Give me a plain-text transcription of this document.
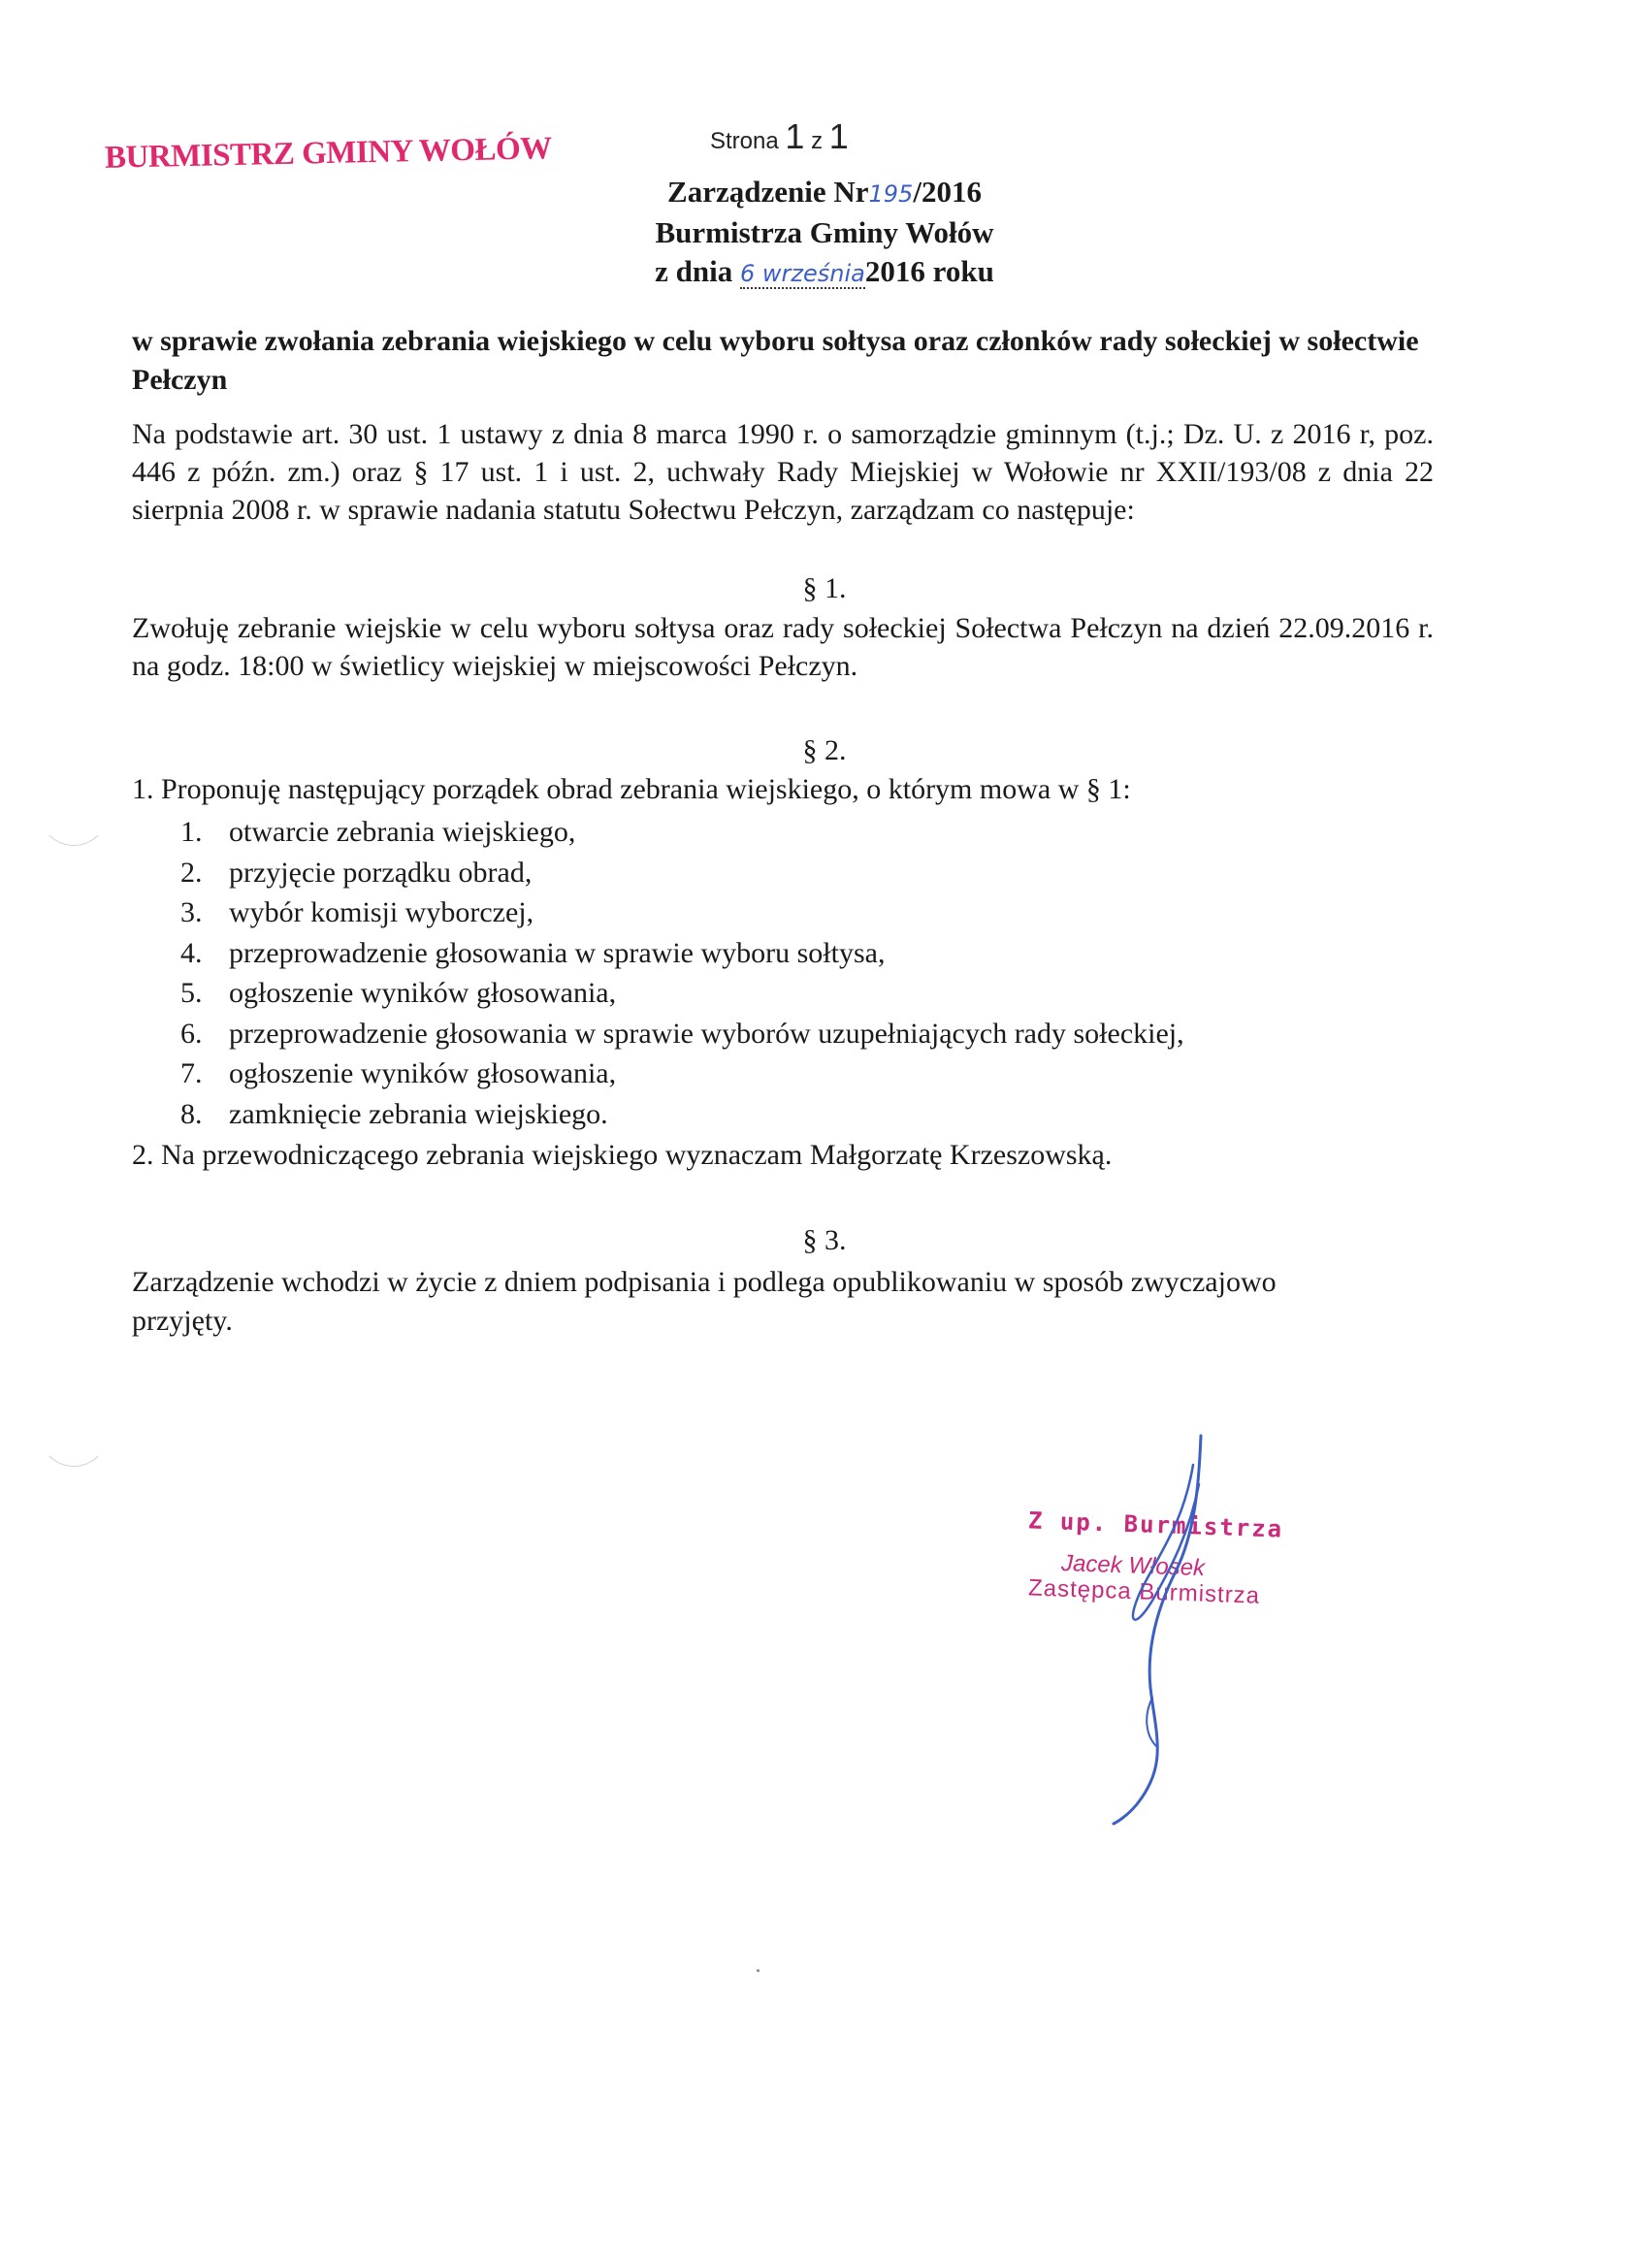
BURMISTRZ GMINY WOŁÓW	Strona 1 z 1
Zarządzenie Nr195/2016
Burmistrza Gminy Wołów
z dnia 6 września2016 roku
w sprawie zwołania zebrania wiejskiego w celu wyboru sołtysa oraz członków rady sołeckiej w sołectwie Pełczyn
Na podstawie art. 30 ust. 1 ustawy z dnia 8 marca 1990 r. o samorządzie gminnym (t.j.; Dz. U. z 2016 r, poz. 446 z późn. zm.) oraz § 17 ust. 1 i ust. 2, uchwały Rady Miejskiej w Wołowie nr XXII/193/08 z dnia 22 sierpnia 2008 r. w sprawie nadania statutu Sołectwu Pełczyn, zarządzam co następuje:
§ 1.
Zwołuję zebranie wiejskie w celu wyboru sołtysa oraz rady sołeckiej Sołectwa Pełczyn na dzień 22.09.2016 r. na godz. 18:00 w świetlicy wiejskiej w miejscowości Pełczyn.
§ 2.
1. Proponuję następujący porządek obrad zebrania wiejskiego, o którym mowa w § 1:
1. otwarcie zebrania wiejskiego,
2. przyjęcie porządku obrad,
3. wybór komisji wyborczej,
4. przeprowadzenie głosowania w sprawie wyboru sołtysa,
5. ogłoszenie wyników głosowania,
6. przeprowadzenie głosowania w sprawie wyborów uzupełniających rady sołeckiej,
7. ogłoszenie wyników głosowania,
8. zamknięcie zebrania wiejskiego.
2. Na przewodniczącego zebrania wiejskiego wyznaczam Małgorzatę Krzeszowską.
§ 3.
Zarządzenie wchodzi w życie z dniem podpisania i podlega opublikowaniu w sposób zwyczajowo przyjęty.
Z up. Burmistrza
Jacek Włosek
Zastępca Burmistrza
